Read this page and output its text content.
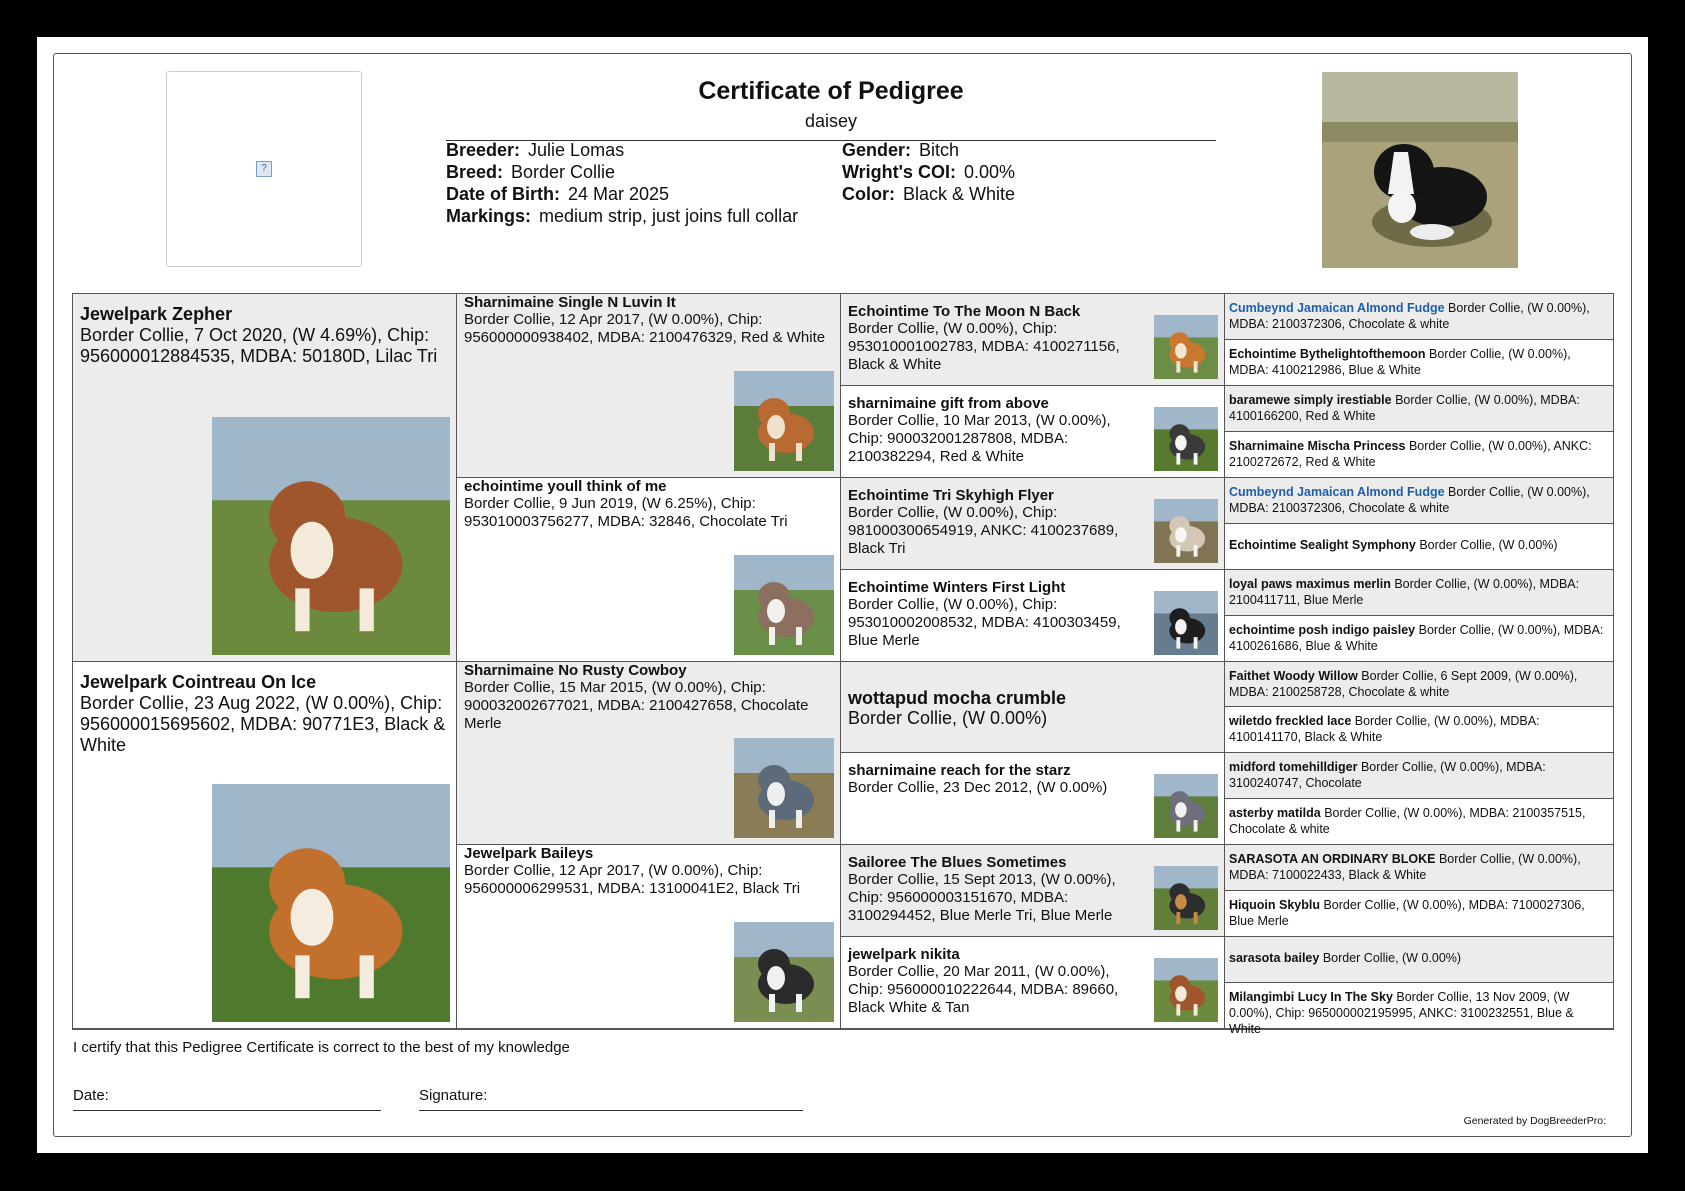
?
Certificate of Pedigree
daisey
Breeder: Julie Lomas
Breed: Border Collie
Date of Birth: 24 Mar 2025
Markings: medium strip, just joins full collar
Gender: Bitch
Wright's COI: 0.00%
Color: Black & White
Jewelpark Zepher
Border Collie, 7 Oct 2020, (W 4.69%), Chip: 956000012884535, MDBA: 50180D, Lilac Tri
Jewelpark Cointreau On Ice
Border Collie, 23 Aug 2022, (W 0.00%), Chip: 956000015695602, MDBA: 90771E3, Black & White
Sharnimaine Single N Luvin It
Border Collie, 12 Apr 2017, (W 0.00%), Chip: 956000000938402, MDBA: 2100476329, Red & White
echointime youll think of me
Border Collie, 9 Jun 2019, (W 6.25%), Chip: 953010003756277, MDBA: 32846, Chocolate Tri
Sharnimaine No Rusty Cowboy
Border Collie, 15 Mar 2015, (W 0.00%), Chip: 900032002677021, MDBA: 2100427658, Chocolate Merle
Jewelpark Baileys
Border Collie, 12 Apr 2017, (W 0.00%), Chip: 956000006299531, MDBA: 13100041E2, Black Tri
Echointime To The Moon N Back
Border Collie, (W 0.00%), Chip: 953010001002783, MDBA: 4100271156, Black & White
sharnimaine gift from above
Border Collie, 10 Mar 2013, (W 0.00%), Chip: 900032001287808, MDBA: 2100382294, Red & White
Echointime Tri Skyhigh Flyer
Border Collie, (W 0.00%), Chip: 981000300654919, ANKC: 4100237689, Black Tri
Echointime Winters First Light
Border Collie, (W 0.00%), Chip: 953010002008532, MDBA: 4100303459, Blue Merle
wottapud mocha crumble
Border Collie, (W 0.00%)
sharnimaine reach for the starz
Border Collie, 23 Dec 2012, (W 0.00%)
Sailoree The Blues Sometimes
Border Collie, 15 Sept 2013, (W 0.00%), Chip: 956000003151670, MDBA: 3100294452, Blue Merle Tri, Blue Merle
jewelpark nikita
Border Collie, 20 Mar 2011, (W 0.00%), Chip: 956000010222644, MDBA: 89660, Black White & Tan
Cumbeynd Jamaican Almond Fudge Border Collie, (W 0.00%), MDBA: 2100372306, Chocolate & white
Echointime Bythelightofthemoon Border Collie, (W 0.00%), MDBA: 4100212986, Blue & White
baramewe simply irestiable Border Collie, (W 0.00%), MDBA: 4100166200, Red & White
Sharnimaine Mischa Princess Border Collie, (W 0.00%), ANKC: 2100272672, Red & White
Cumbeynd Jamaican Almond Fudge Border Collie, (W 0.00%), MDBA: 2100372306, Chocolate & white
Echointime Sealight Symphony Border Collie, (W 0.00%)
loyal paws maximus merlin Border Collie, (W 0.00%), MDBA: 2100411711, Blue Merle
echointime posh indigo paisley Border Collie, (W 0.00%), MDBA: 4100261686, Blue & White
Faithet Woody Willow Border Collie, 6 Sept 2009, (W 0.00%), MDBA: 2100258728, Chocolate & white
wiletdo freckled lace Border Collie, (W 0.00%), MDBA: 4100141170, Black & White
midford tomehilldiger Border Collie, (W 0.00%), MDBA: 3100240747, Chocolate
asterby matilda Border Collie, (W 0.00%), MDBA: 2100357515, Chocolate & white
SARASOTA AN ORDINARY BLOKE Border Collie, (W 0.00%), MDBA: 7100022433, Black & White
Hiquoin Skyblu Border Collie, (W 0.00%), MDBA: 7100027306, Blue Merle
sarasota bailey Border Collie, (W 0.00%)
Milangimbi Lucy In The Sky Border Collie, 13 Nov 2009, (W 0.00%), Chip: 965000002195995, ANKC: 3100232551, Blue & White
I certify that this Pedigree Certificate is correct to the best of my knowledge
Date:	Signature:
Generated by DogBreederPro:
